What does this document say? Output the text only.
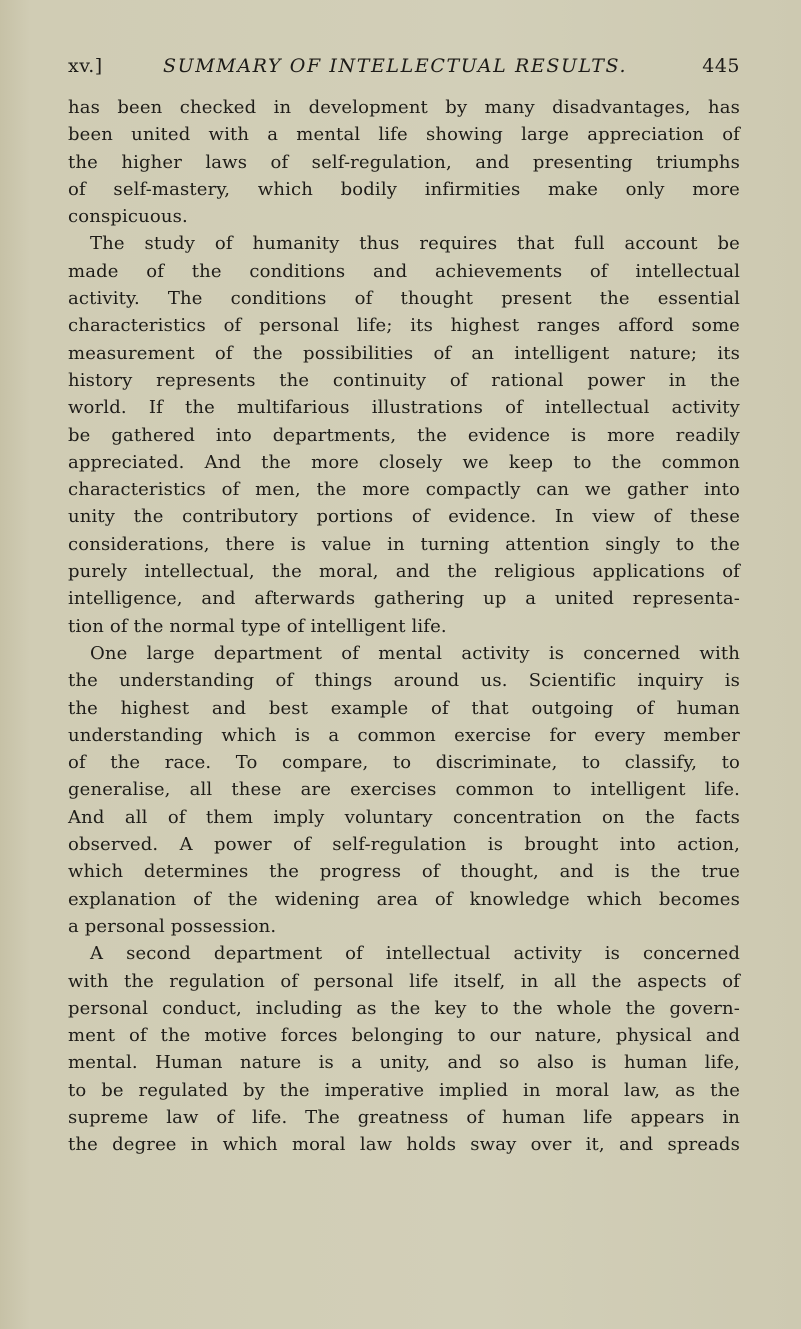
xv.]	SUMMARY OF INTELLECTUAL RESULTS.	445
has been checked in development by many disadvantages, has
been united with a mental life showing large appreciation of
the higher laws of self-regulation, and presenting triumphs
of self-mastery, which bodily infirmities make only more
conspicuous.
The study of humanity thus requires that full account be
made of the conditions and achievements of intellectual
activity. The conditions of thought present the essential
characteristics of personal life; its highest ranges afford some
measurement of the possibilities of an intelligent nature; its
history represents the continuity of rational power in the
world. If the multifarious illustrations of intellectual activity
be gathered into departments, the evidence is more readily
appreciated. And the more closely we keep to the common
characteristics of men, the more compactly can we gather into
unity the contributory portions of evidence. In view of these
considerations, there is value in turning attention singly to the
purely intellectual, the moral, and the religious applications of
intelligence, and afterwards gathering up a united representa-
tion of the normal type of intelligent life.
One large department of mental activity is concerned with
the understanding of things around us. Scientific inquiry is
the highest and best example of that outgoing of human
understanding which is a common exercise for every member
of the race. To compare, to discriminate, to classify, to
generalise, all these are exercises common to intelligent life.
And all of them imply voluntary concentration on the facts
observed. A power of self-regulation is brought into action,
which determines the progress of thought, and is the true
explanation of the widening area of knowledge which becomes
a personal possession.
A second department of intellectual activity is concerned
with the regulation of personal life itself, in all the aspects of
personal conduct, including as the key to the whole the govern-
ment of the motive forces belonging to our nature, physical and
mental. Human nature is a unity, and so also is human life,
to be regulated by the imperative implied in moral law, as the
supreme law of life. The greatness of human life appears in
the degree in which moral law holds sway over it, and spreads
